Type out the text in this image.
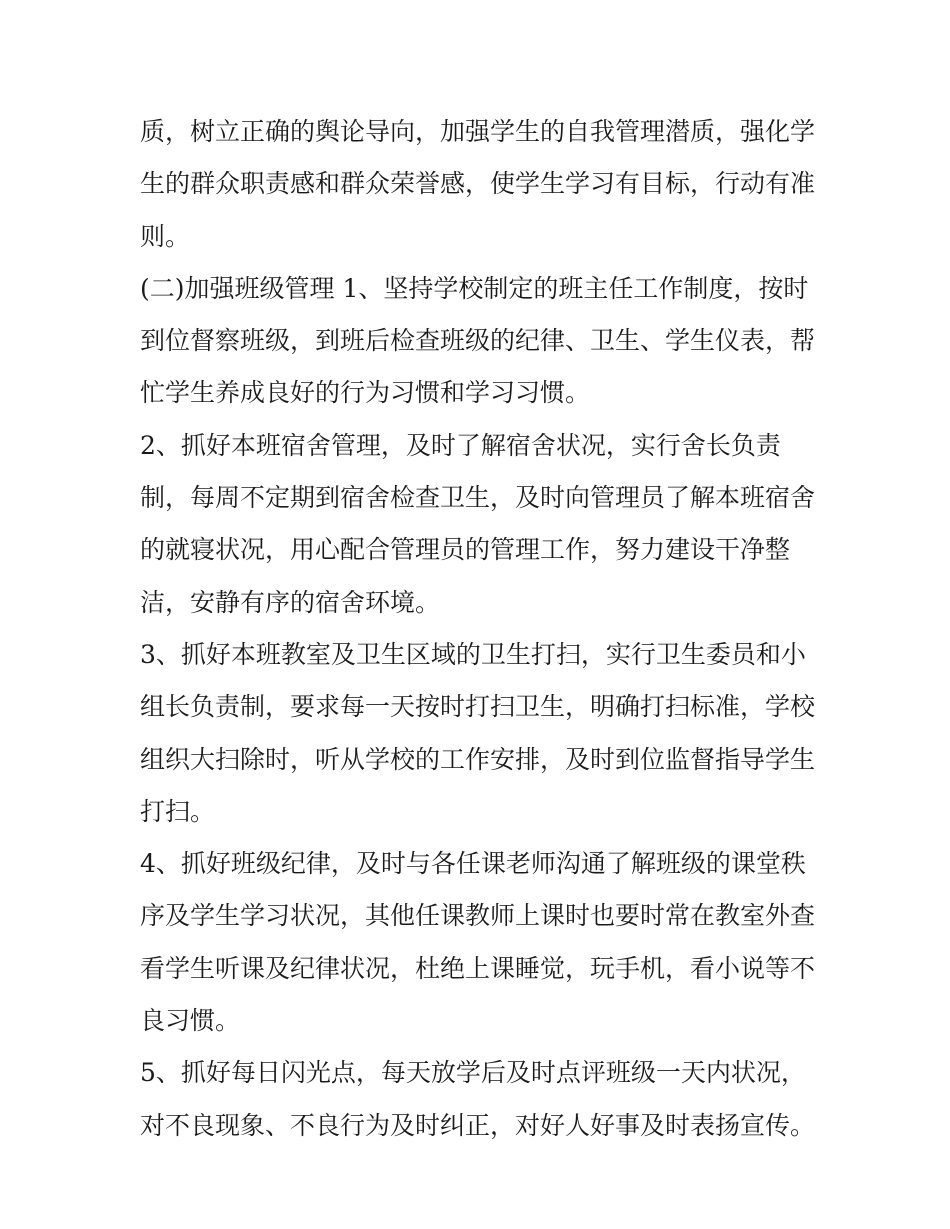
质，树立正确的舆论导向，加强学生的自我管理潜质，强化学
生的群众职责感和群众荣誉感，使学生学习有目标，行动有准
则。
(二)加强班级管理 1、坚持学校制定的班主任工作制度，按时
到位督察班级，到班后检查班级的纪律、卫生、学生仪表，帮
忙学生养成良好的行为习惯和学习习惯。
2、抓好本班宿舍管理，及时了解宿舍状况，实行舍长负责
制，每周不定期到宿舍检查卫生，及时向管理员了解本班宿舍
的就寝状况，用心配合管理员的管理工作，努力建设干净整
洁，安静有序的宿舍环境。
3、抓好本班教室及卫生区域的卫生打扫，实行卫生委员和小
组长负责制，要求每一天按时打扫卫生，明确打扫标准，学校
组织大扫除时，听从学校的工作安排，及时到位监督指导学生
打扫。
4、抓好班级纪律，及时与各任课老师沟通了解班级的课堂秩
序及学生学习状况，其他任课教师上课时也要时常在教室外查
看学生听课及纪律状况，杜绝上课睡觉，玩手机，看小说等不
良习惯。
5、抓好每日闪光点，每天放学后及时点评班级一天内状况，
对不良现象、不良行为及时纠正，对好人好事及时表扬宣传。
